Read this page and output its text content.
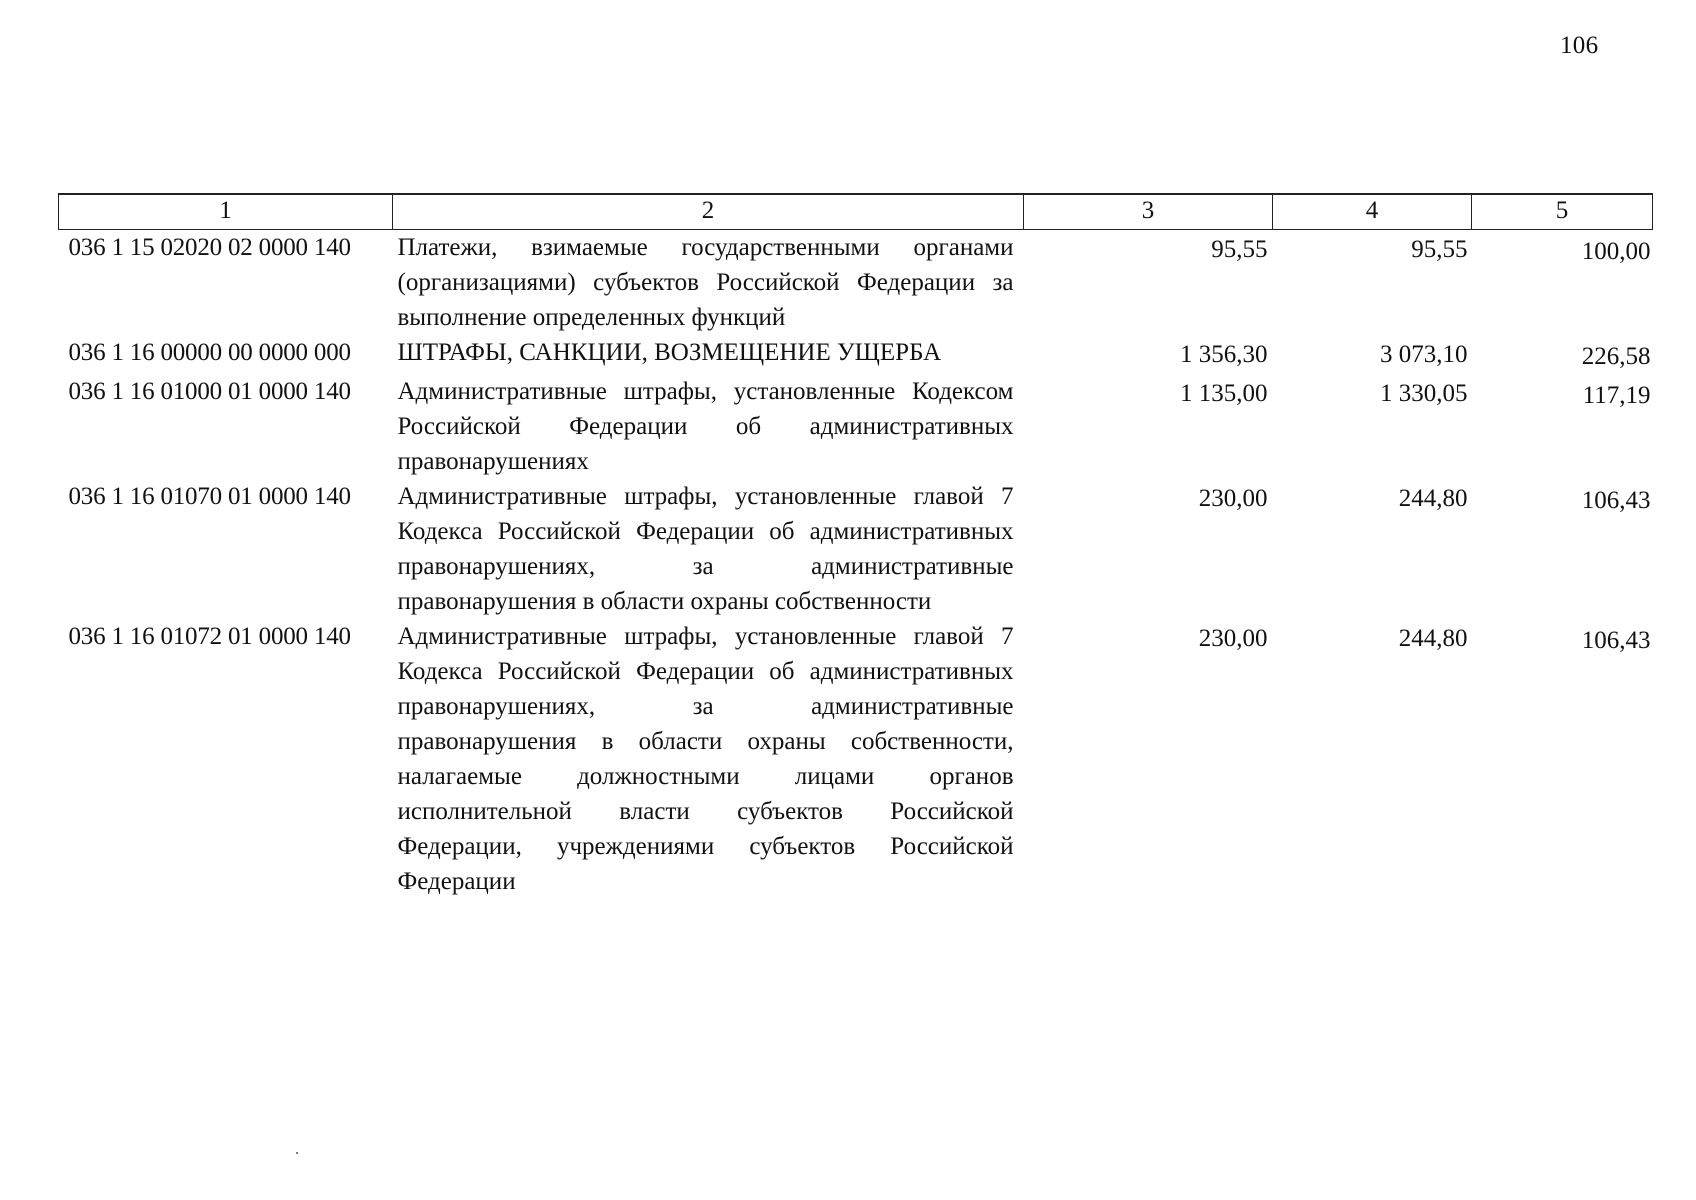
106
1	2	3	4	5
036 1 15 02020 02 0000 140	Платежи, взимаемые государственными органами (организациями) субъектов Российской Федерации за выполнение определенных функций	95,55	95,55	100,00
036 1 16 00000 00 0000 000	ШТРАФЫ, САНКЦИИ, ВОЗМЕЩЕНИЕ УЩЕРБА	1 356,30	3 073,10	226,58
036 1 16 01000 01 0000 140	Административные штрафы, установленные Кодексом Российской Федерации об административных правонарушениях	1 135,00	1 330,05	117,19
036 1 16 01070 01 0000 140	Административные штрафы, установленные главой 7 Кодекса Российской Федерации об административных правонарушениях, за административные правонарушения в области охраны собственности	230,00	244,80	106,43
036 1 16 01072 01 0000 140	Административные штрафы, установленные главой 7 Кодекса Российской Федерации об административных правонарушениях, за административные правонарушения в области охраны собственности, налагаемые должностными лицами органов исполнительной власти субъектов Российской Федерации, учреждениями субъектов Российской Федерации	230,00	244,80	106,43
